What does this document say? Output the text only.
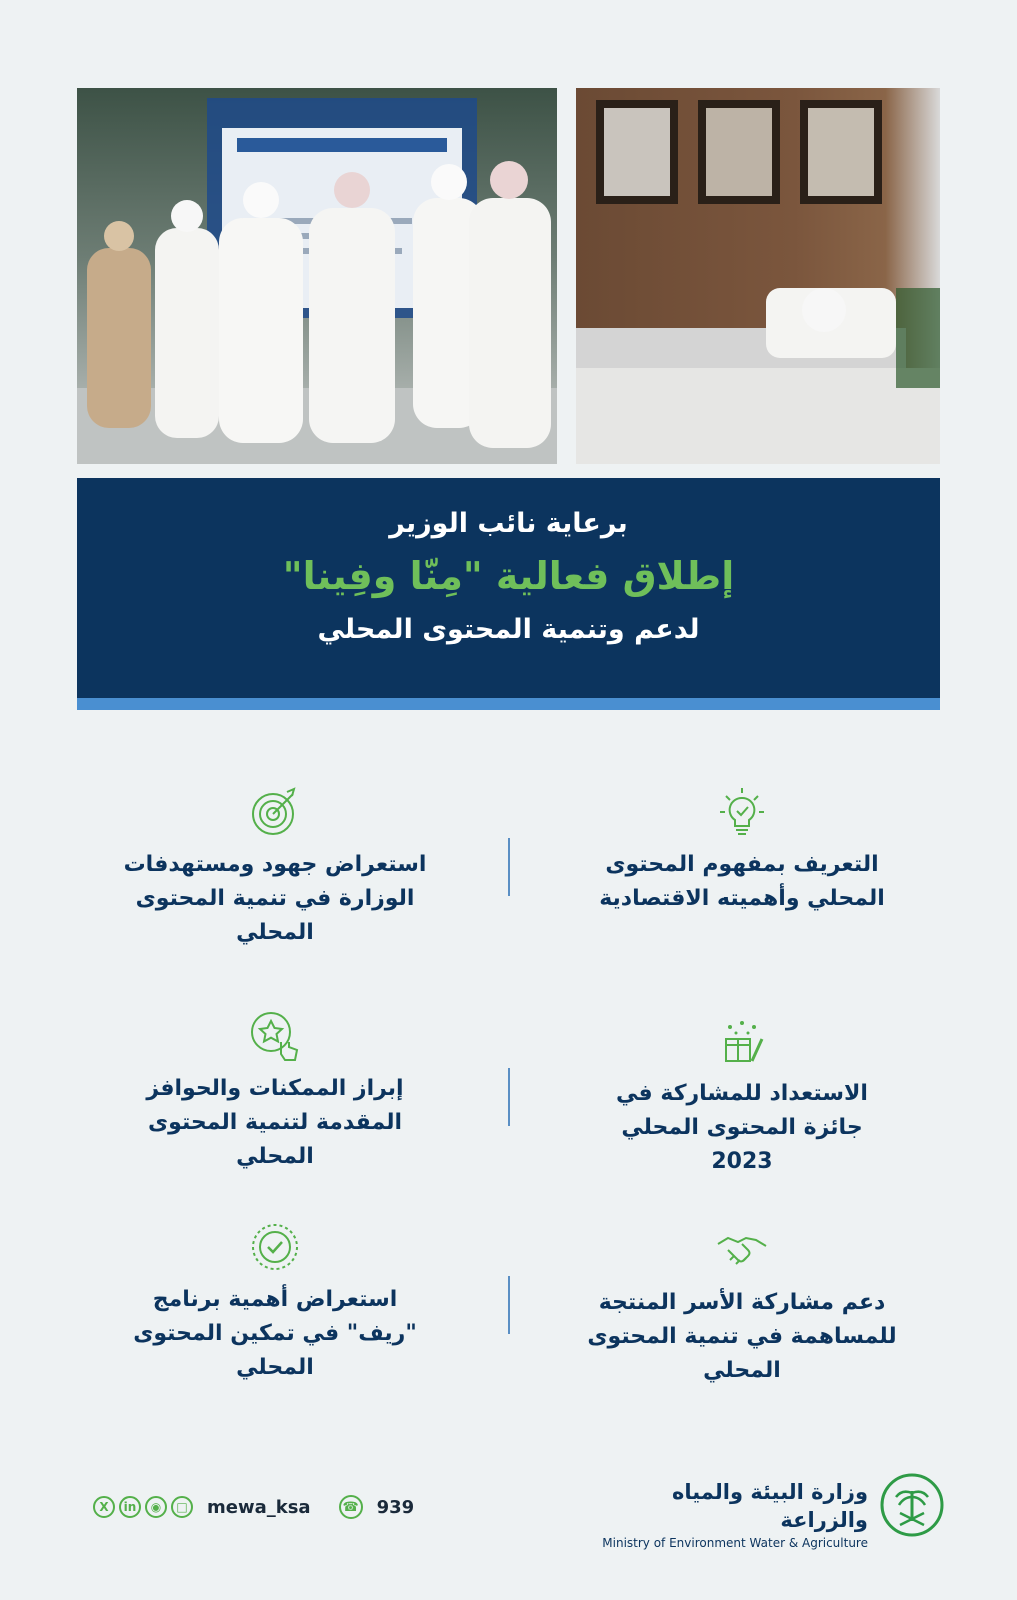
برعاية نائب الوزير
إطلاق فعالية "مِنّا وفِينا"
لدعم وتنمية المحتوى المحلي
التعريف بمفهوم المحتوى المحلي وأهميته الاقتصادية
استعراض جهود ومستهدفات الوزارة في تنمية المحتوى المحلي
الاستعداد للمشاركة في جائزة المحتوى المحلي 2023
إبراز الممكنات والحوافز المقدمة لتنمية المحتوى المحلي
دعم مشاركة الأسر المنتجة للمساهمة في تنمية المحتوى المحلي
استعراض أهمية برنامج "ريف" في تمكين المحتوى المحلي
X	in	◉	□ mewa_ksa ☎ 939
وزارة البيئة والمياه والزراعة
Ministry of Environment Water & Agriculture
